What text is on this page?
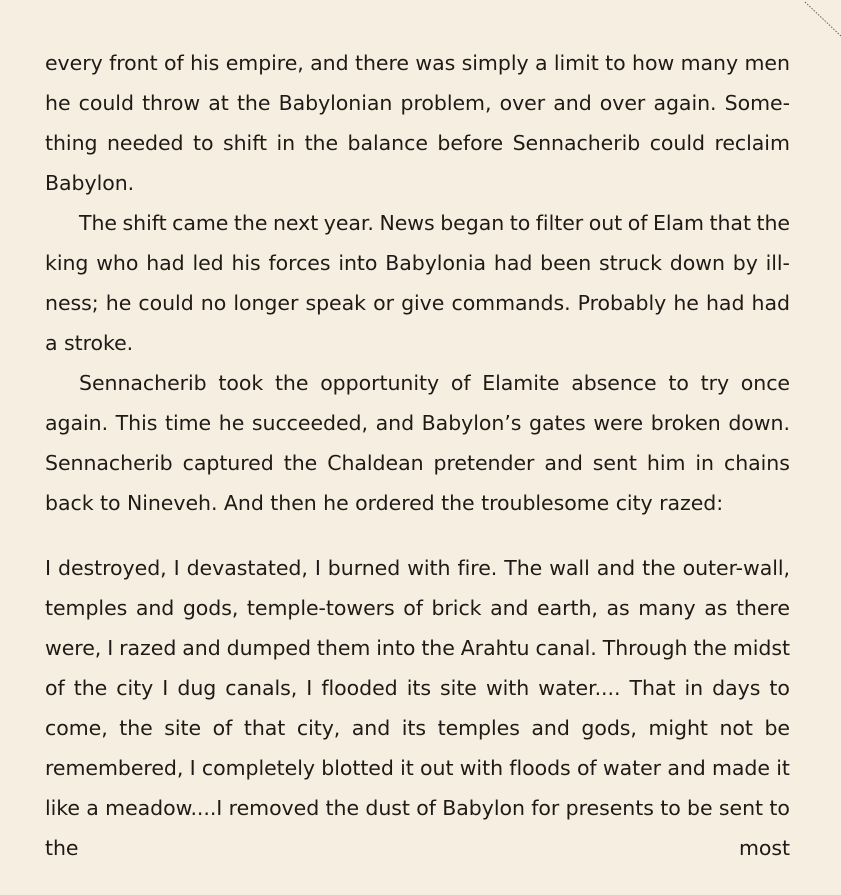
every front of his empire, and there was simply a limit to how many men
he could throw at the Babylonian problem, over and over again. Some-
thing needed to shift in the balance before Sennacherib could reclaim
Babylon.
The shift came the next year. News began to filter out of Elam that the
king who had led his forces into Babylonia had been struck down by ill-
ness; he could no longer speak or give commands. Probably he had had
a stroke.
Sennacherib took the opportunity of Elamite absence to try once
again. This time he succeeded, and Babylon’s gates were broken down.
Sennacherib captured the Chaldean pretender and sent him in chains
back to Nineveh. And then he ordered the troublesome city razed:
I destroyed, I devastated, I burned with fire. The wall and the outer-wall,
temples and gods, temple-towers of brick and earth, as many as there
were, I razed and dumped them into the Arahtu canal. Through the midst
of the city I dug canals, I flooded its site with water.... That in days to
come, the site of that city, and its temples and gods, might not be
remembered, I completely blotted it out with floods of water and made it
like a meadow....I removed the dust of Babylon for presents to be sent to
the	most
